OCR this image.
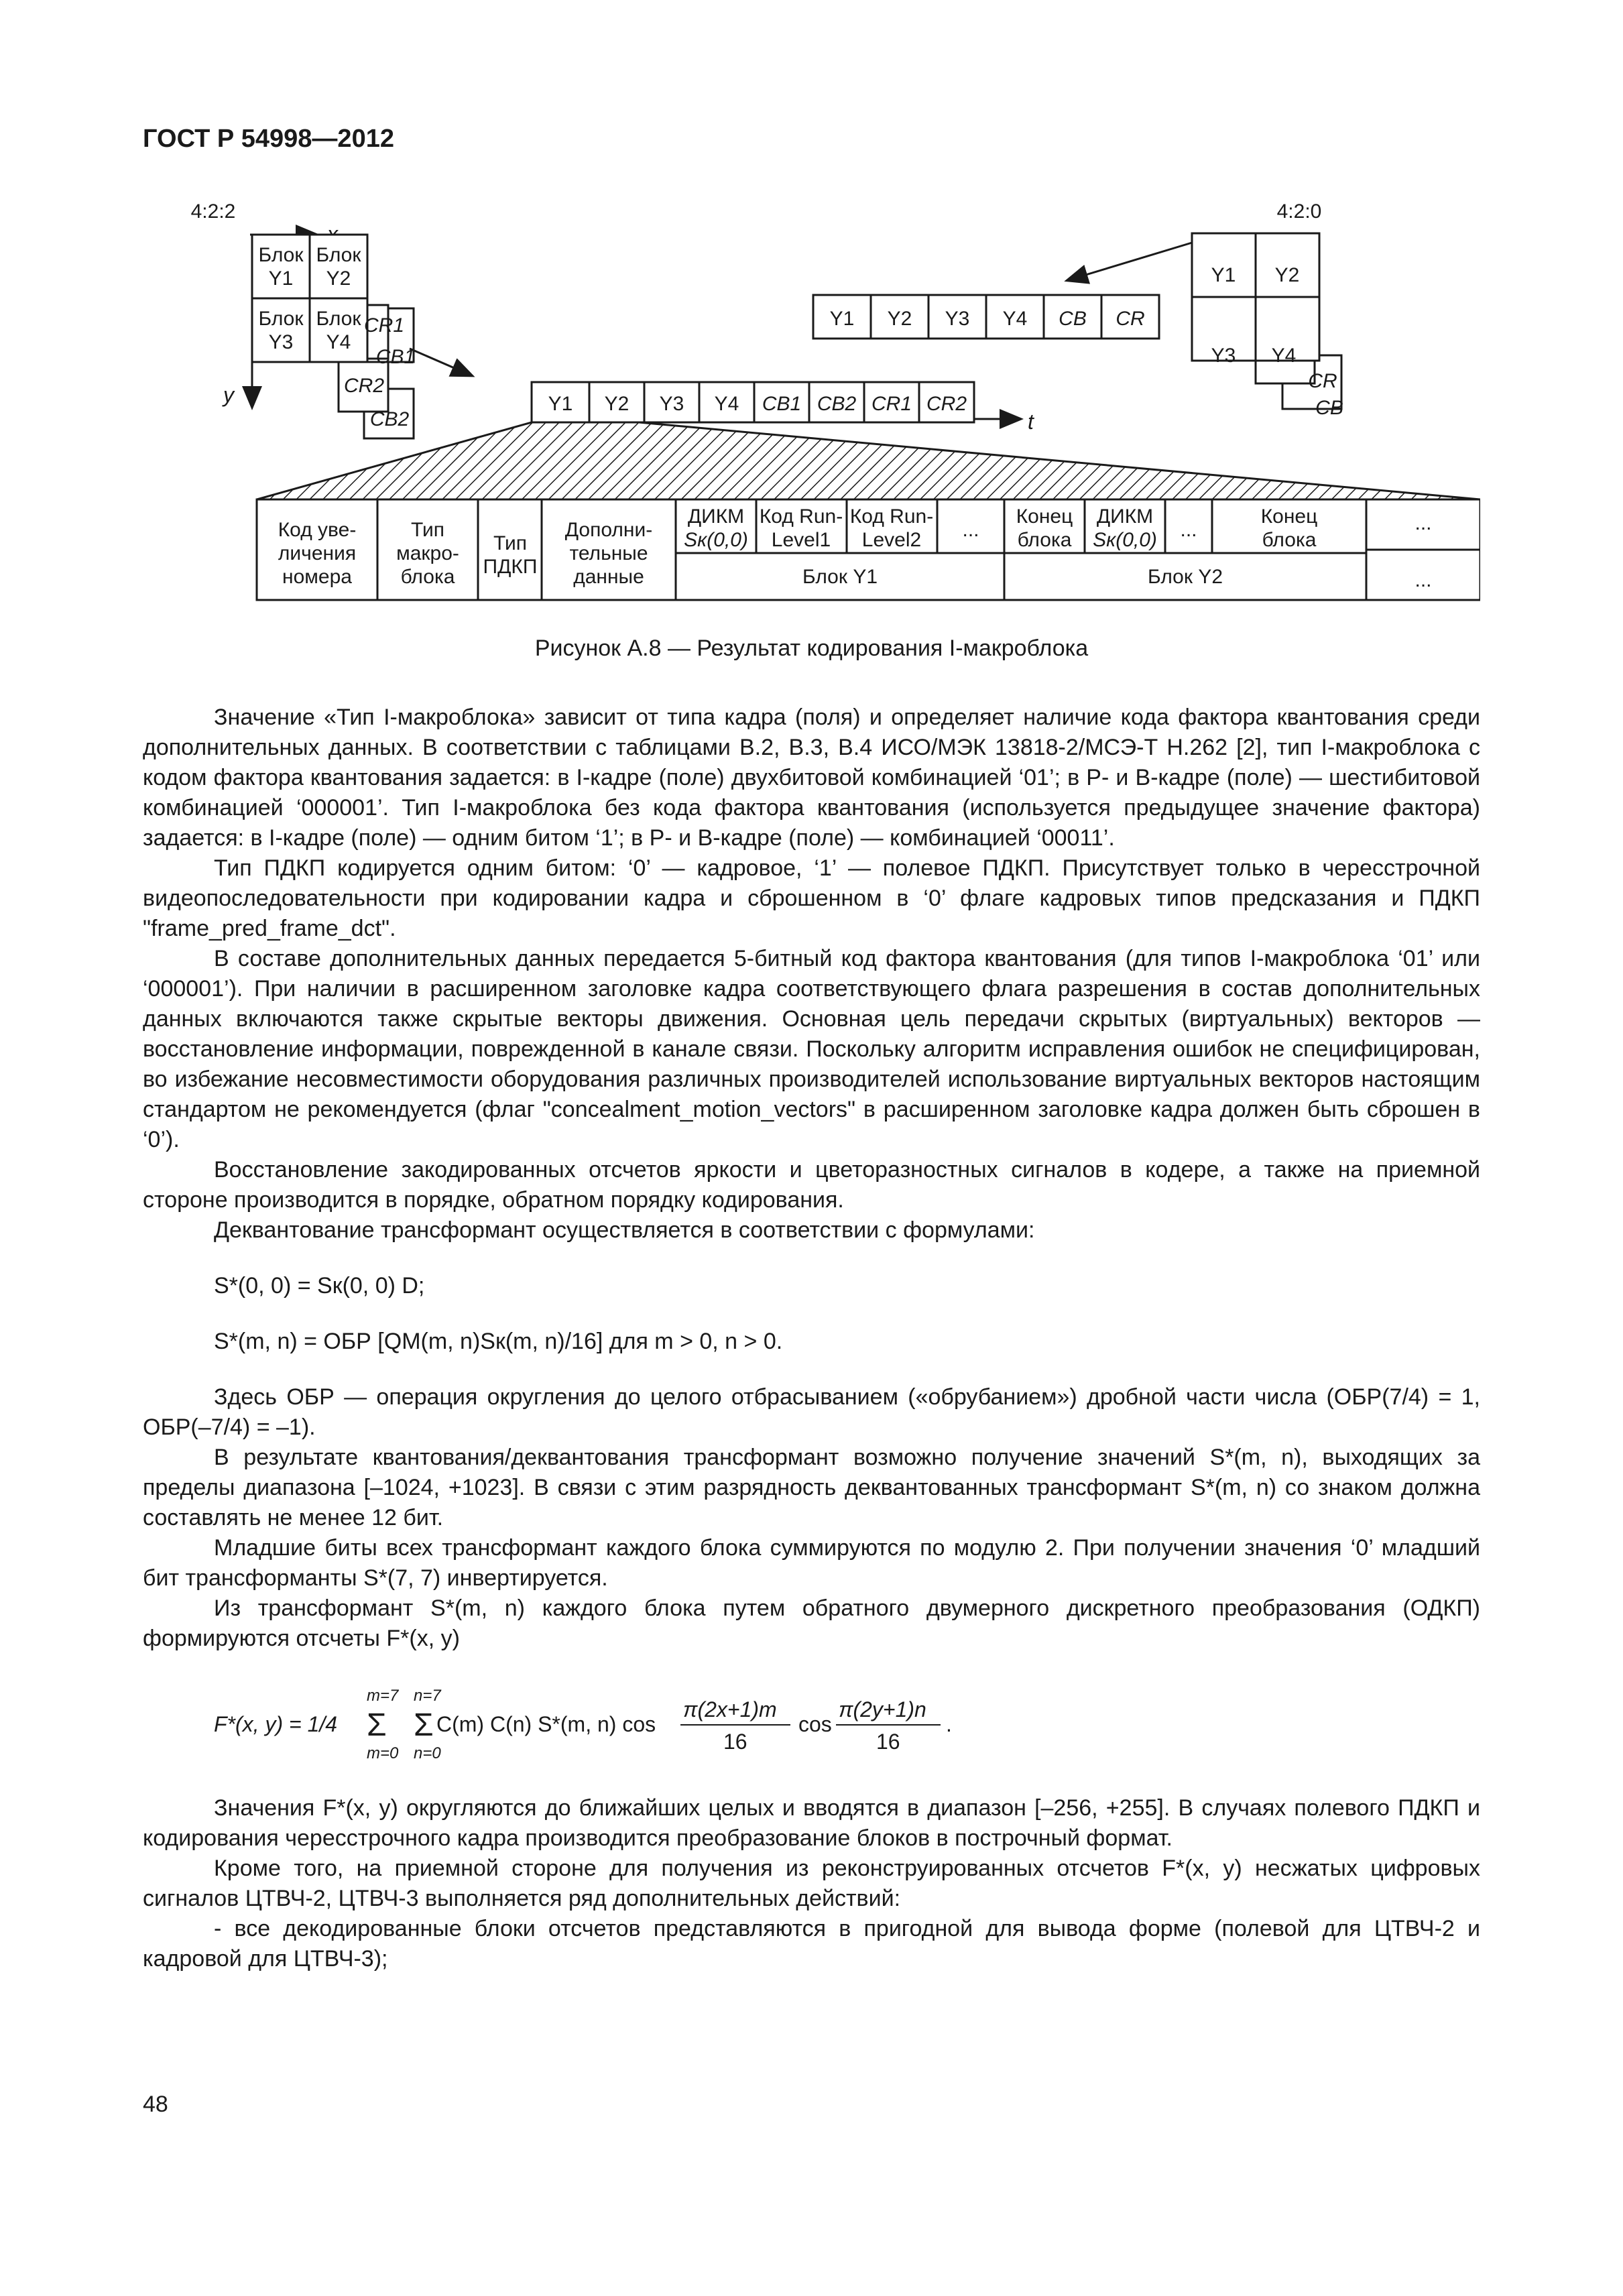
ГОСТ Р 54998—2012
4:2:2
y
Блок
Y1
Блок
Y2
Блок
Y3
Блок
Y4
CR1
CB1
CR2
CB2
Y1 Y2 Y3 Y4 CB1 CB2 CR1 CR2
t
Y1 Y2 Y3 Y4 CB CR
4:2:0
Y1 Y2
Y3 Y4
CR
CB
Код уве-
личения
номера
Тип
макро-
блока
Тип
ПДКП
Дополни-
тельные
данные
ДИКМ
Sк(0,0)
Код Run-
Level1
Код Run-
Level2 ...
Конец
блока
ДИКМ
Sк(0,0) ...
Конец
блока
...
...
Блок Y1	Блок Y2

Рисунок А.8 — Результат кодирования I-макроблока

Значение «Тип I-макроблока» зависит от типа кадра (поля) и определяет наличие кода фактора квантования среди дополнительных данных. В соответствии с таблицами В.2, В.3, В.4 ИСО/МЭК 13818-2/МСЭ-Т Н.262 [2], тип I-макроблока с кодом фактора квантования задается: в I-кадре (поле) двухбитовой комбинацией ‘01’; в P- и B-кадре (поле) — шестибитовой комбинацией ‘000001’. Тип I-макроблока без кода фактора квантования (используется предыдущее значение фактора) задается: в I-кадре (поле) — одним битом ‘1’; в P- и B-кадре (поле) — комбинацией ‘00011’.

Тип ПДКП кодируется одним битом: ‘0’ — кадровое, ‘1’ — полевое ПДКП. Присутствует только в чересстрочной видеопоследовательности при кодировании кадра и сброшенном в ‘0’ флаге кадровых типов предсказания и ПДКП "frame_pred_frame_dct".

В составе дополнительных данных передается 5-битный код фактора квантования (для типов I-макроблока ‘01’ или ‘000001’). При наличии в расширенном заголовке кадра соответствующего флага разрешения в состав дополнительных данных включаются также скрытые векторы движения. Основная цель передачи скрытых (виртуальных) векторов — восстановление информации, поврежденной в канале связи. Поскольку алгоритм исправления ошибок не специфицирован, во избежание несовместимости оборудования различных производителей использование виртуальных векторов настоящим стандартом не рекомендуется (флаг "concealment_motion_vectors" в расширенном заголовке кадра должен быть сброшен в ‘0’).

Восстановление закодированных отсчетов яркости и цветоразностных сигналов в кодере, а также на приемной стороне производится в порядке, обратном порядку кодирования.

Деквантование трансформант осуществляется в соответствии с формулами:

S*(0, 0) = Sк(0, 0) D;

S*(m, n) = ОБР [QM(m, n)Sк(m, n)/16] для m > 0, n > 0.

Здесь ОБР — операция округления до целого отбрасыванием («обрубанием») дробной части числа (ОБР(7/4) = 1, ОБР(–7/4) = –1).

В результате квантования/деквантования трансформант возможно получение значений S*(m, n), выходящих за пределы диапазона [–1024, +1023]. В связи с этим разрядность деквантованных трансформант S*(m, n) со знаком должна составлять не менее 12 бит.

Младшие биты всех трансформант каждого блока суммируются по модулю 2. При получении значения ‘0’ младший бит трансформанты S*(7, 7) инвертируется.

Из трансформант S*(m, n) каждого блока путем обратного двумерного дискретного преобразования (ОДКП) формируются отсчеты F*(x, y)

F*(x, y) = 1/4
m=7
Σ
m=0
n=7
Σ
n=0
C(m) C(n) S*(m, n) cos
π(2x+1)m
16
cos
π(2y+1)n
16
.

Значения F*(x, y) округляются до ближайших целых и вводятся в диапазон [–256, +255]. В случаях полевого ПДКП и кодирования чересстрочного кадра производится преобразование блоков в построчный формат.

Кроме того, на приемной стороне для получения из реконструированных отсчетов F*(x, y) несжатых цифровых сигналов ЦТВЧ-2, ЦТВЧ-3 выполняется ряд дополнительных действий:

- все декодированные блоки отсчетов представляются в пригодной для вывода форме (полевой для ЦТВЧ-2 и кадровой для ЦТВЧ-3);

48
